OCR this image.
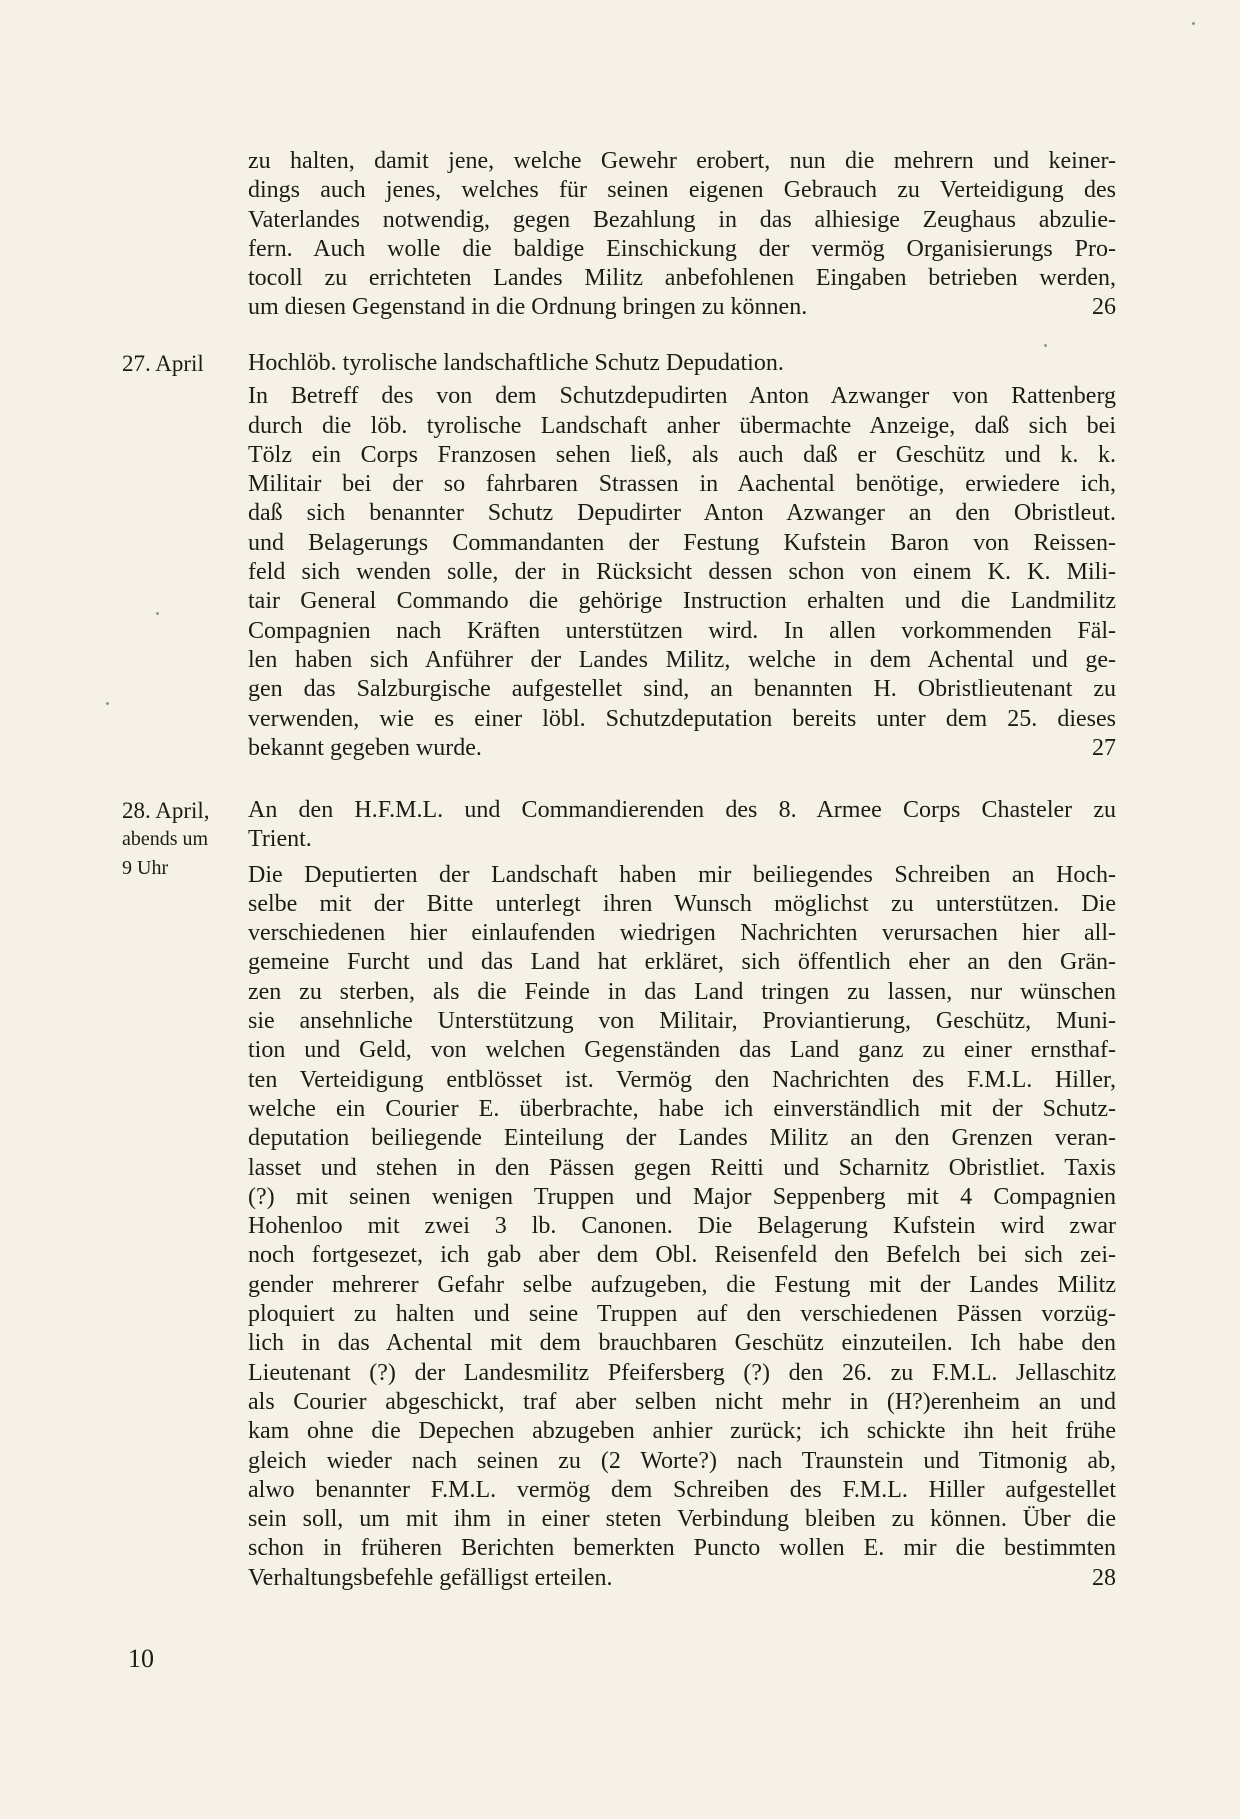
zu halten, damit jene, welche Gewehr erobert, nun die mehrern und keiner-
dings auch jenes, welches für seinen eigenen Gebrauch zu Verteidigung des
Vaterlandes notwendig, gegen Bezahlung in das alhiesige Zeughaus abzulie-
fern. Auch wolle die baldige Einschickung der vermög Organisierungs Pro-
tocoll zu errichteten Landes Militz anbefohlenen Eingaben betrieben werden,
um diesen Gegenstand in die Ordnung bringen zu können.	26
27. April	Hochlöb. tyrolische landschaftliche Schutz Depudation.
In Betreff des von dem Schutzdepudirten Anton Azwanger von Rattenberg
durch die löb. tyrolische Landschaft anher übermachte Anzeige, daß sich bei
Tölz ein Corps Franzosen sehen ließ, als auch daß er Geschütz und k. k.
Militair bei der so fahrbaren Strassen in Aachental benötige, erwiedere ich,
daß sich benannter Schutz Depudirter Anton Azwanger an den Obristleut.
und Belagerungs Commandanten der Festung Kufstein Baron von Reissen-
feld sich wenden solle, der in Rücksicht dessen schon von einem K. K. Mili-
tair General Commando die gehörige Instruction erhalten und die Landmilitz
Compagnien nach Kräften unterstützen wird. In allen vorkommenden Fäl-
len haben sich Anführer der Landes Militz, welche in dem Achental und ge-
gen das Salzburgische aufgestellet sind, an benannten H. Obristlieutenant zu
verwenden, wie es einer löbl. Schutzdeputation bereits unter dem 25. dieses
bekannt gegeben wurde.	27
28. April,
abends um
9 Uhr
An den H.F.M.L. und Commandierenden des 8. Armee Corps Chasteler zu
Trient.
Die Deputierten der Landschaft haben mir beiliegendes Schreiben an Hoch-
selbe mit der Bitte unterlegt ihren Wunsch möglichst zu unterstützen. Die
verschiedenen hier einlaufenden wiedrigen Nachrichten verursachen hier all-
gemeine Furcht und das Land hat erkläret, sich öffentlich eher an den Grän-
zen zu sterben, als die Feinde in das Land tringen zu lassen, nur wünschen
sie ansehnliche Unterstützung von Militair, Proviantierung, Geschütz, Muni-
tion und Geld, von welchen Gegenständen das Land ganz zu einer ernsthaf-
ten Verteidigung entblösset ist. Vermög den Nachrichten des F.M.L. Hiller,
welche ein Courier E. überbrachte, habe ich einverständlich mit der Schutz-
deputation beiliegende Einteilung der Landes Militz an den Grenzen veran-
lasset und stehen in den Pässen gegen Reitti und Scharnitz Obristliet. Taxis
(?) mit seinen wenigen Truppen und Major Seppenberg mit 4 Compagnien
Hohenloo mit zwei 3 lb. Canonen. Die Belagerung Kufstein wird zwar
noch fortgesezet, ich gab aber dem Obl. Reisenfeld den Befelch bei sich zei-
gender mehrerer Gefahr selbe aufzugeben, die Festung mit der Landes Militz
ploquiert zu halten und seine Truppen auf den verschiedenen Pässen vorzüg-
lich in das Achental mit dem brauchbaren Geschütz einzuteilen. Ich habe den
Lieutenant (?) der Landesmilitz Pfeifersberg (?) den 26. zu F.M.L. Jellaschitz
als Courier abgeschickt, traf aber selben nicht mehr in (H?)erenheim an und
kam ohne die Depechen abzugeben anhier zurück; ich schickte ihn heit frühe
gleich wieder nach seinen zu (2 Worte?) nach Traunstein und Titmonig ab,
alwo benannter F.M.L. vermög dem Schreiben des F.M.L. Hiller aufgestellet
sein soll, um mit ihm in einer steten Verbindung bleiben zu können. Über die
schon in früheren Berichten bemerkten Puncto wollen E. mir die bestimmten
Verhaltungsbefehle gefälligst erteilen.	28
10
